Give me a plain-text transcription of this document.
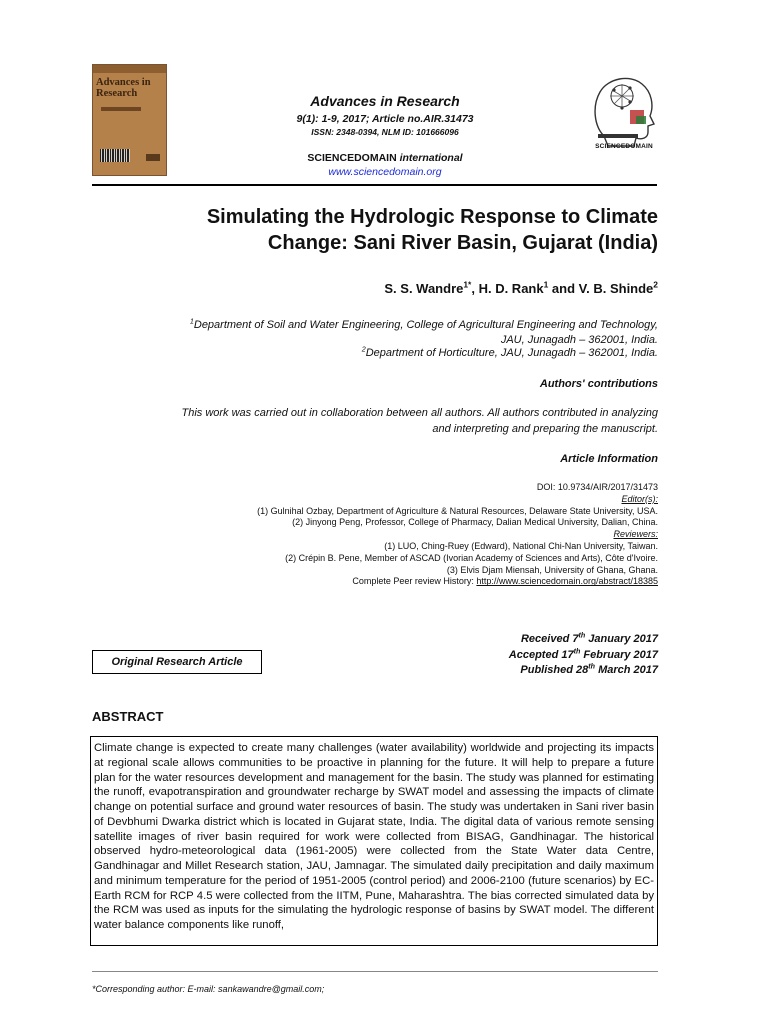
Advances in Research	Advances in Research
9(1): 1-9, 2017; Article no.AIR.31473
ISSN: 2348-0394, NLM ID: 101666096
SCIENCEDOMAIN international
www.sciencedomain.org
SCIENCEDOMAIN
Simulating the Hydrologic Response to Climate
Change: Sani River Basin, Gujarat (India)
S. S. Wandre$^{1*}$, H. D. Rank$^1$ and V. B. Shinde$^2$
$^1$Department of Soil and Water Engineering, College of Agricultural Engineering and Technology,
JAU, Junagadh – 362001, India.
$^2$Department of Horticulture, JAU, Junagadh – 362001, India.
Authors' contributions
This work was carried out in collaboration between all authors. All authors contributed in analyzing
and interpreting and preparing the manuscript.
Article Information
DOI: 10.9734/AIR/2017/31473
Editor(s):
(1) Gulnihal Ozbay, Department of Agriculture & Natural Resources, Delaware State University, USA.
(2) Jinyong Peng, Professor, College of Pharmacy, Dalian Medical University, Dalian, China.
Reviewers:
(1) LUO, Ching-Ruey (Edward), National Chi-Nan University, Taiwan.
(2) Crépin B. Pene, Member of ASCAD (Ivorian Academy of Sciences and Arts), Côte d'Ivoire.
(3) Elvis Djam Miensah, University of Ghana, Ghana.
Complete Peer review History: http://www.sciencedomain.org/abstract/18385
Received 7th January 2017
Accepted 17th February 2017
Published 28th March 2017
Original Research Article
ABSTRACT
Climate change is expected to create many challenges (water availability) worldwide and projecting its impacts at regional scale allows communities to be proactive in planning for the future. It will help to prepare a future plan for the water resources development and management for the basin. The study was planned for estimating the runoff, evapotranspiration and groundwater recharge by SWAT model and assessing the impacts of climate change on potential surface and ground water resources of basin. The study was undertaken in Sani river basin of Devbhumi Dwarka district which is located in Gujarat state, India. The digital data of various remote sensing satellite images of river basin required for work were collected from BISAG, Gandhinagar. The historical observed hydro-meteorological data (1961-2005) were collected from the State Water data Centre, Gandhinagar and Millet Research station, JAU, Jamnagar. The simulated daily precipitation and daily maximum and minimum temperature for the period of 1951-2005 (control period) and 2006-2100 (future scenarios) by EC-Earth RCM for RCP 4.5 were collected from the IITM, Pune, Maharashtra. The bias corrected simulated data by the RCM was used as inputs for the simulating the hydrologic response of basins by SWAT model. The different water balance components like runoff,
*Corresponding author: E-mail: sankawandre@gmail.com;
